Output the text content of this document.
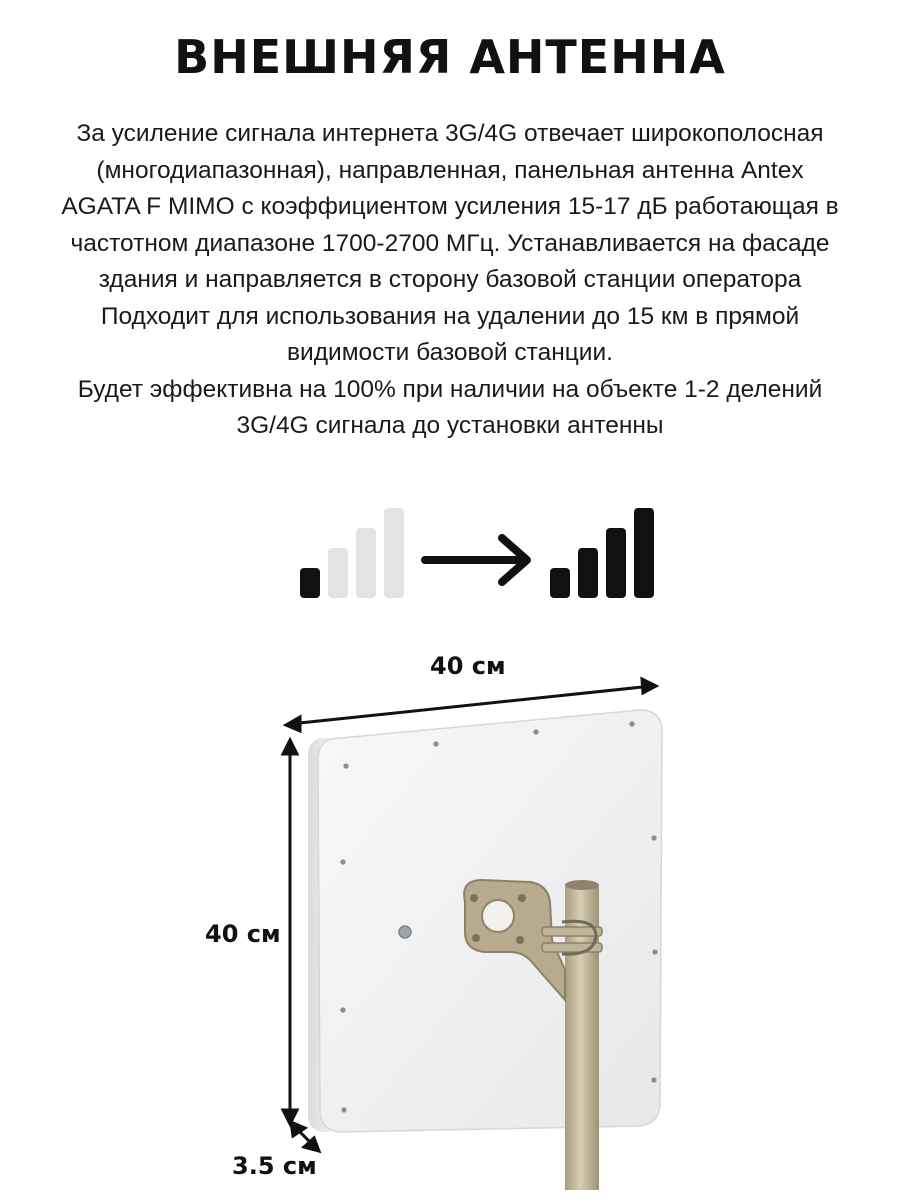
ВНЕШНЯЯ АНТЕННА
За усиление сигнала интернета 3G/4G отвечает широкополосная
(многодиапазонная), направленная, панельная антенна Antex
AGATA F MIMO с коэффициентом усиления 15-17 дБ работающая в
частотном диапазоне 1700-2700 МГц. Устанавливается на фасаде
здания и направляется в сторону базовой станции оператора
Подходит для использования на удалении до 15 км в прямой
видимости базовой станции.
Будет эффективна на 100% при наличии на объекте 1-2 делений
3G/4G сигнала до установки антенны
40 см
40 см
3.5 см
